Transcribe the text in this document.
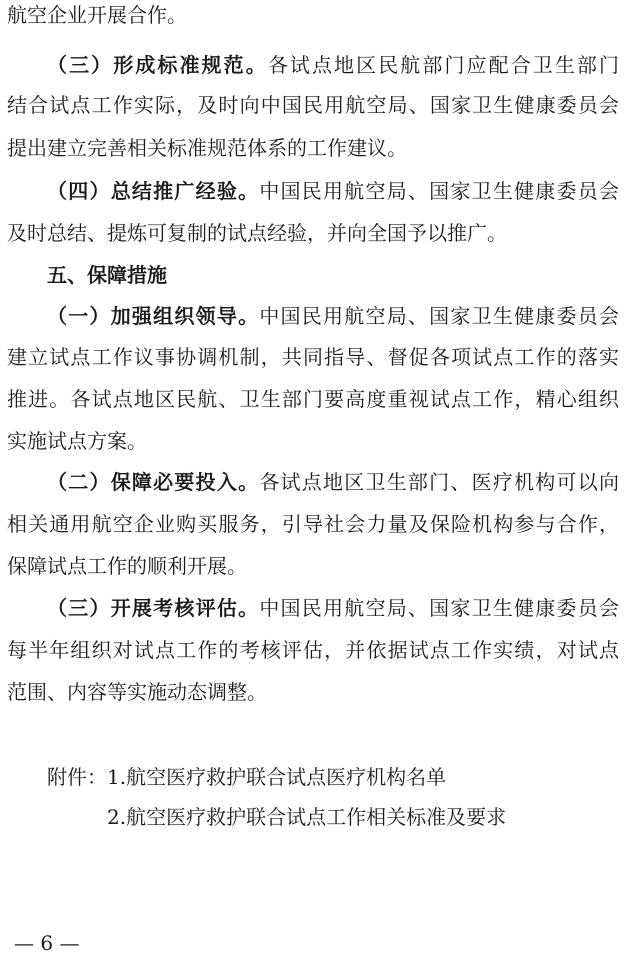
航空企业开展合作。
（三）形成标准规范。各试点地区民航部门应配合卫生部门
结合试点工作实际，及时向中国民用航空局、国家卫生健康委员会
提出建立完善相关标准规范体系的工作建议。
（四）总结推广经验。中国民用航空局、国家卫生健康委员会
及时总结、提炼可复制的试点经验，并向全国予以推广。
五、保障措施
（一）加强组织领导。中国民用航空局、国家卫生健康委员会
建立试点工作议事协调机制，共同指导、督促各项试点工作的落实
推进。各试点地区民航、卫生部门要高度重视试点工作，精心组织
实施试点方案。
（二）保障必要投入。各试点地区卫生部门、医疗机构可以向
相关通用航空企业购买服务，引导社会力量及保险机构参与合作，
保障试点工作的顺利开展。
（三）开展考核评估。中国民用航空局、国家卫生健康委员会
每半年组织对试点工作的考核评估，并依据试点工作实绩，对试点
范围、内容等实施动态调整。
附件：1.航空医疗救护联合试点医疗机构名单
2.航空医疗救护联合试点工作相关标准及要求
— 6 —
